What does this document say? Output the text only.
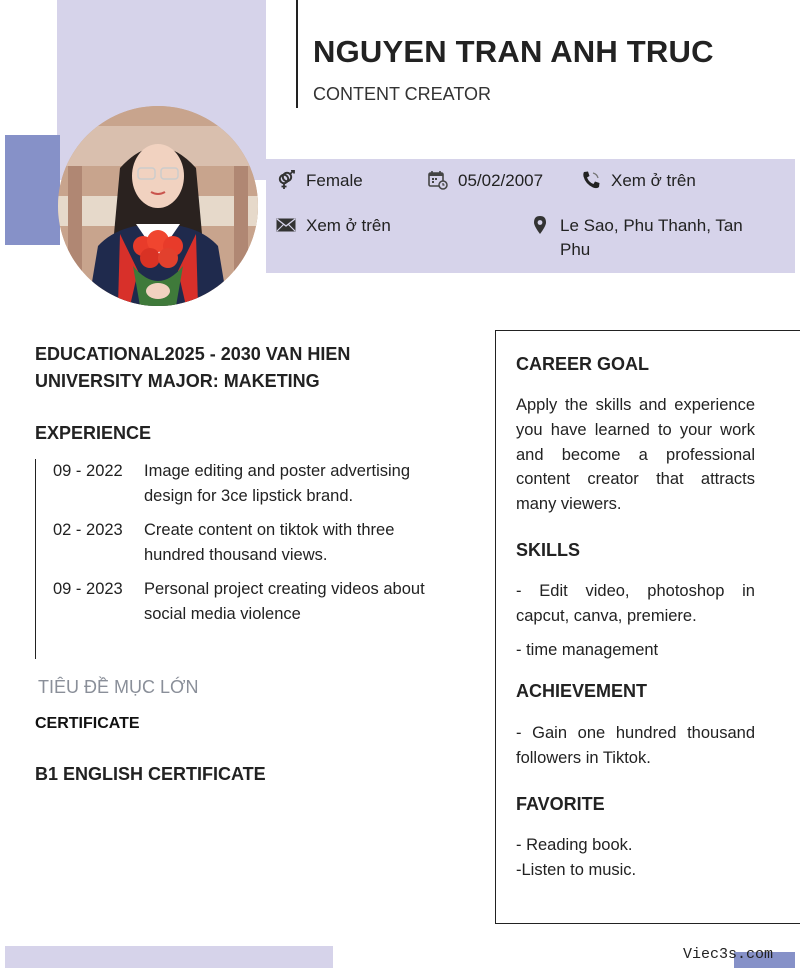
NGUYEN TRAN ANH TRUC
CONTENT CREATOR
Female	05/02/2007	Xem ở trên
Xem ở trên	Le Sao, Phu Thanh, Tan Phu
EDUCATIONAL2025 - 2030 VAN HIEN UNIVERSITY MAJOR: MAKETING
EXPERIENCE
09 - 2022	Image editing and poster advertising design for 3ce lipstick brand.
02 - 2023	Create content on tiktok with three hundred thousand views.
09 - 2023	Personal project creating videos about social media violence
TIÊU ĐỀ MỤC LỚN
CERTIFICATE
B1 ENGLISH CERTIFICATE
CAREER GOAL
Apply the skills and experience you have learned to your work and become a professional content creator that attracts many viewers.
SKILLS
- Edit video, photoshop in capcut, canva, premiere.
- time management
ACHIEVEMENT
- Gain one hundred thousand followers in Tiktok.
FAVORITE
- Reading book.
-Listen to music.
Viec3s.com
